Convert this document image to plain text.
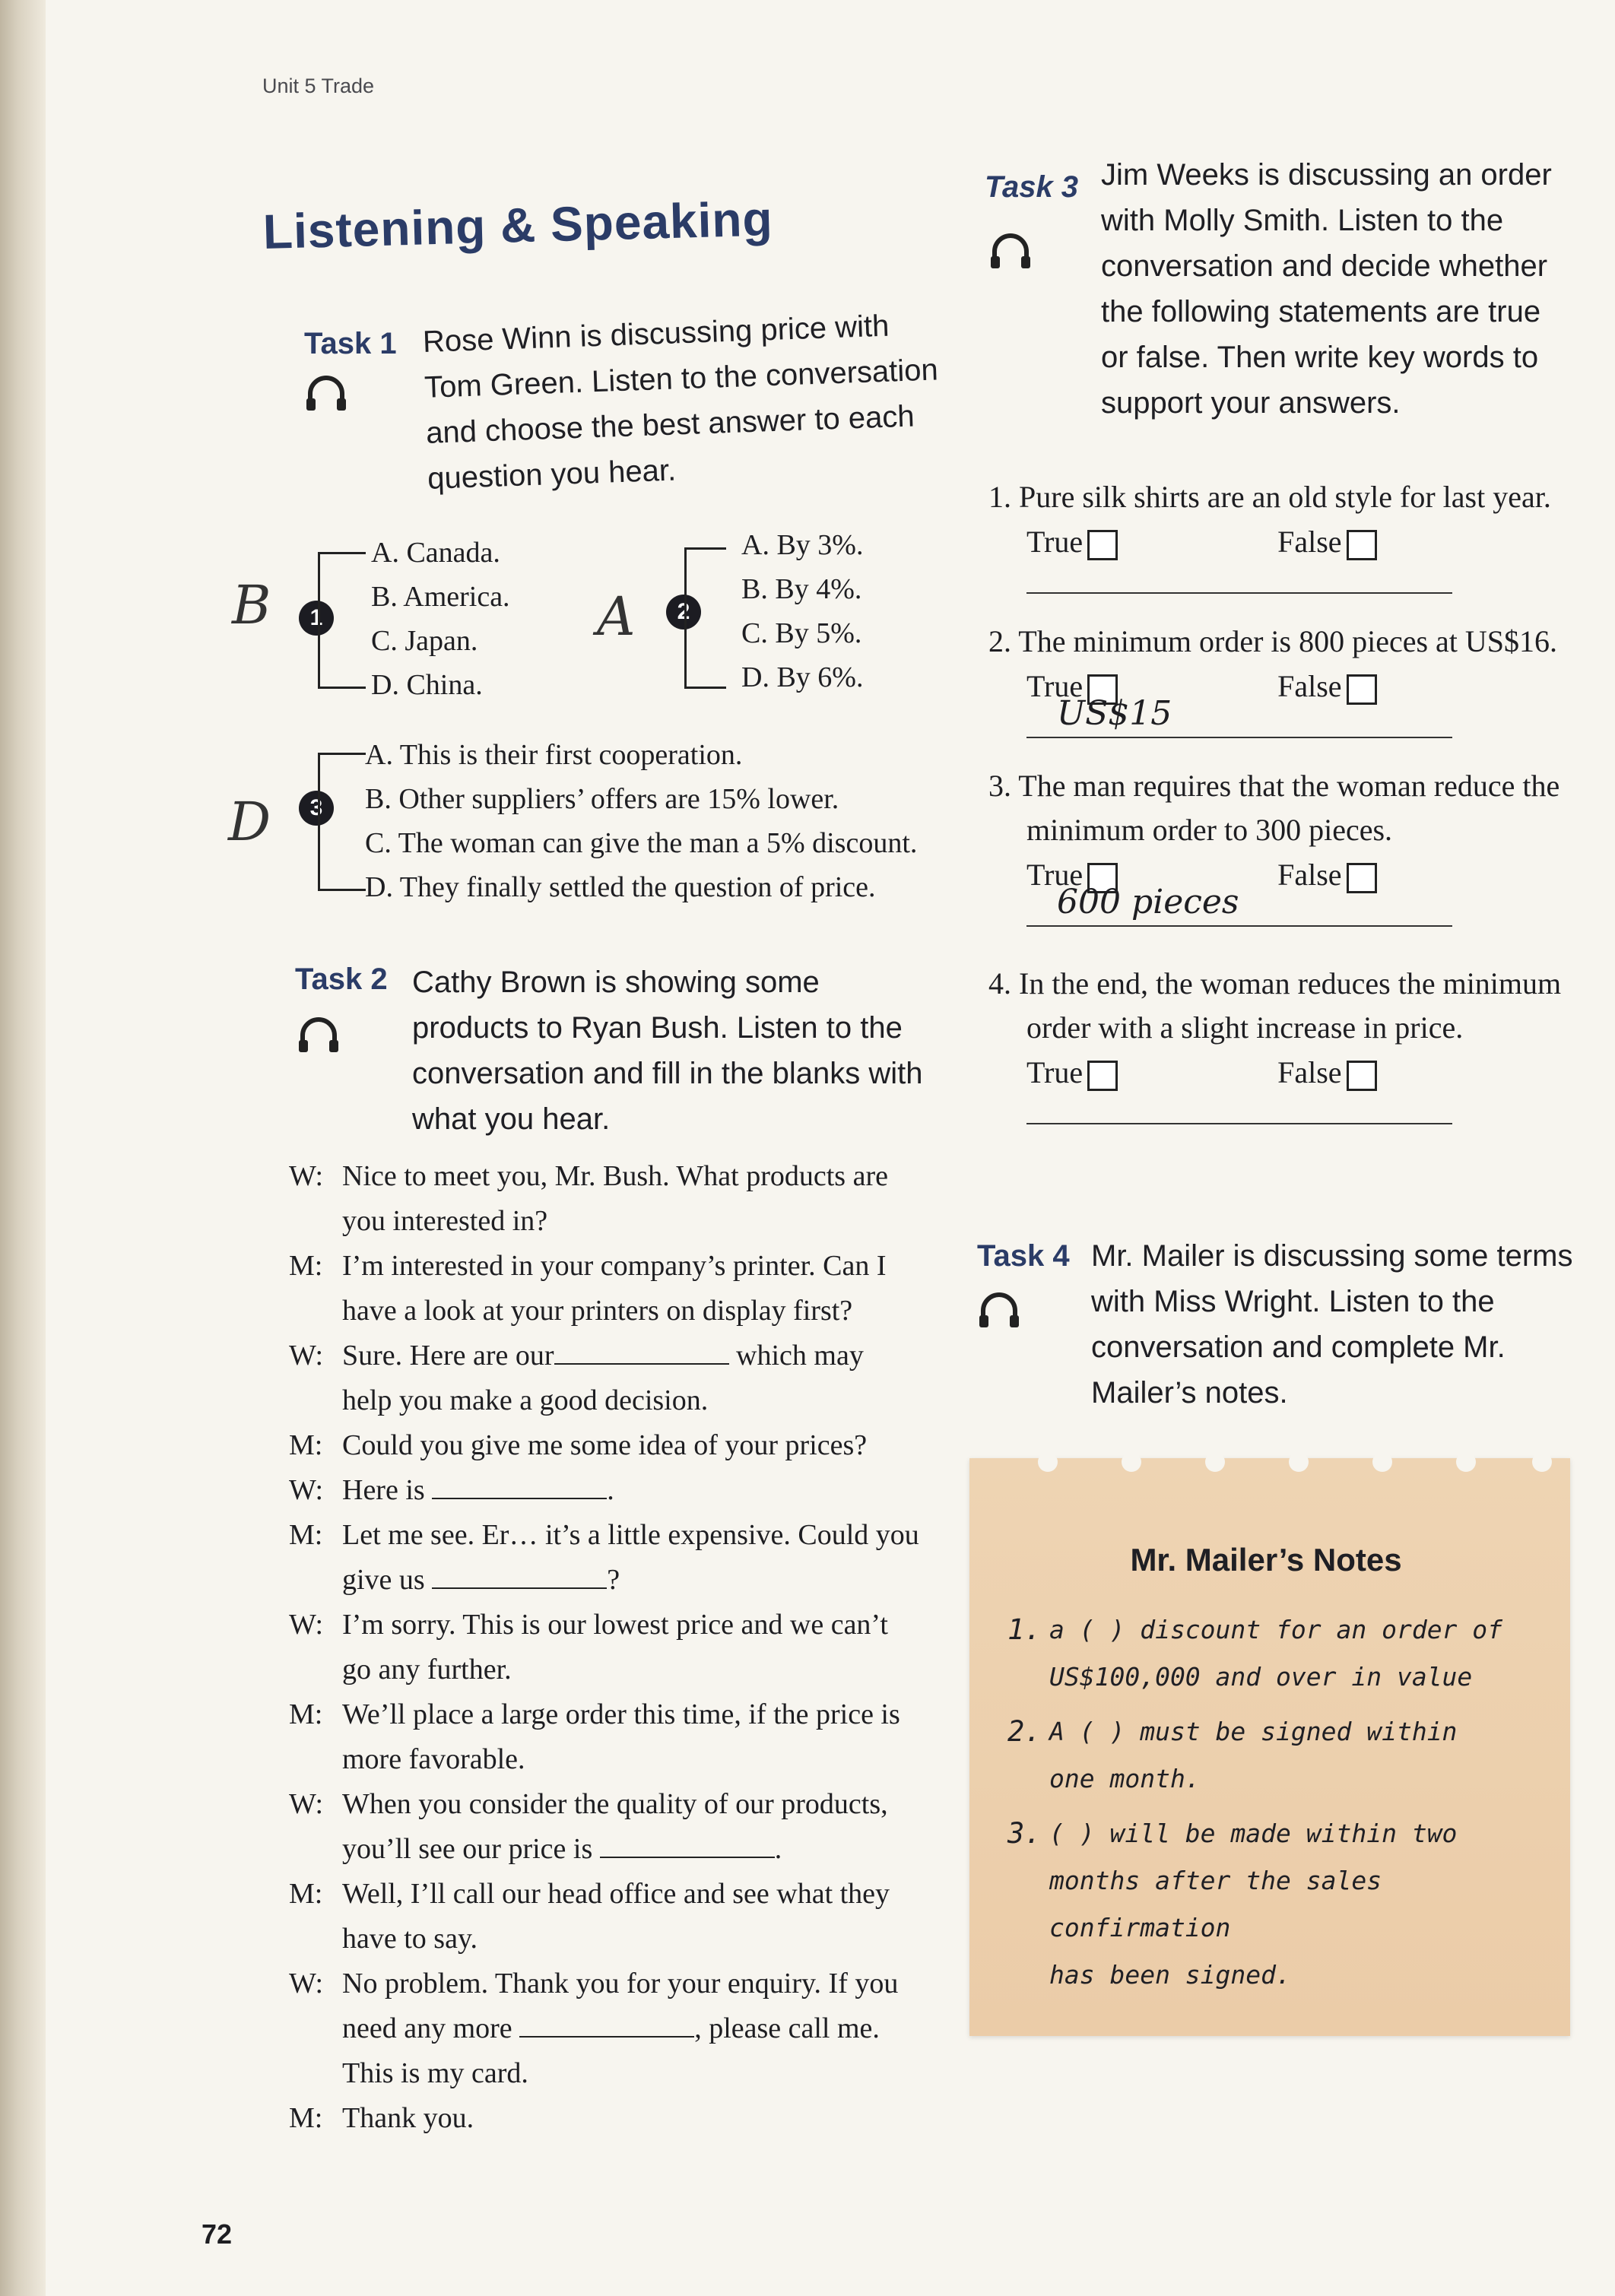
Unit 5 Trade
Listening & Speaking
Task 1 Rose Winn is discussing price with Tom Green. Listen to the conversation and choose the best answer to each question you hear.
B	1
A. Canada.
B. America.
C. Japan.
D. China.
A	2
A. By 3%.
B. By 4%.
C. By 5%.
D. By 6%.
D	3
A. This is their first cooperation.
B. Other suppliers’ offers are 15% lower.
C. The woman can give the man a 5% discount.
D. They finally settled the question of price.
Task 2 Cathy Brown is showing some products to Ryan Bush. Listen to the conversation and fill in the blanks with what you hear.
W: Nice to meet you, Mr. Bush. What products are
you interested in?
M: I’m interested in your company’s printer. Can I
have a look at your printers on display first?
W: Sure. Here are our	which may
help you make a good decision.
M: Could you give me some idea of your prices?
W: Here is	.
M: Let me see. Er… it’s a little expensive. Could you
give us	?
W: I’m sorry. This is our lowest price and we can’t
go any further.
M: We’ll place a large order this time, if the price is
more favorable.
W: When you consider the quality of our products,
you’ll see our price is	.
M: Well, I’ll call our head office and see what they
have to say.
W: No problem. Thank you for your enquiry. If you
need any more	, please call me.
This is my card.
M: Thank you.
Task 3 Jim Weeks is discussing an order with Molly Smith. Listen to the conversation and decide whether the following statements are true or false. Then write key words to support your answers.
1. Pure silk shirts are an old style for last year.
True	False
2. The minimum order is 800 pieces at US$16.
True	False
US$15
3. The man requires that the woman reduce the
minimum order to 300 pieces.
True	False
600 pieces
4. In the end, the woman reduces the minimum
order with a slight increase in price.
True	False
Task 4 Mr. Mailer is discussing some terms with Miss Wright. Listen to the conversation and complete Mr. Mailer’s notes.
Mr. Mailer’s Notes
1. a ( ) discount for an order of
US$100,000 and over in value
2. A ( ) must be signed within
one month.
3. ( ) will be made within two
months after the sales confirmation
has been signed.
72
